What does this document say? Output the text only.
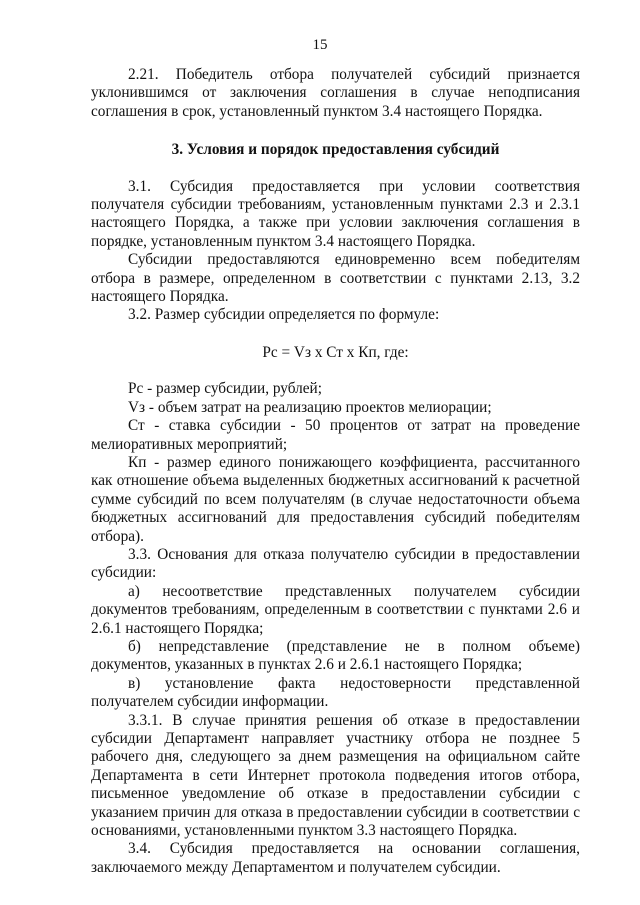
15

2.21. Победитель отбора получателей субсидий признается уклонившимся от заключения соглашения в случае неподписания соглашения в срок, установленный пунктом 3.4 настоящего Порядка.

3. Условия и порядок предоставления субсидий

3.1. Субсидия предоставляется при условии соответствия получателя субсидии требованиям, установленным пунктами 2.3 и 2.3.1 настоящего Порядка, а также при условии заключения соглашения в порядке, установленным пунктом 3.4 настоящего Порядка.

Субсидии предоставляются единовременно всем победителям отбора в размере, определенном в соответствии с пунктами 2.13, 3.2 настоящего Порядка.

3.2. Размер субсидии определяется по формуле:

Рс = Vз х Ст х Кп, где:

Рс - размер субсидии, рублей;

Vз - объем затрат на реализацию проектов мелиорации;

Ст - ставка субсидии - 50 процентов от затрат на проведение мелиоративных мероприятий;

Кп - размер единого понижающего коэффициента, рассчитанного как отношение объема выделенных бюджетных ассигнований к расчетной сумме субсидий по всем получателям (в случае недостаточности объема бюджетных ассигнований для предоставления субсидий победителям отбора).

3.3. Основания для отказа получателю субсидии в предоставлении субсидии:

а) несоответствие представленных получателем субсидии документов требованиям, определенным в соответствии с пунктами 2.6 и 2.6.1 настоящего Порядка;

б) непредставление (представление не в полном объеме) документов, указанных в пунктах 2.6 и 2.6.1 настоящего Порядка;

в) установление факта недостоверности представленной получателем субсидии информации.

3.3.1. В случае принятия решения об отказе в предоставлении субсидии Департамент направляет участнику отбора не позднее 5 рабочего дня, следующего за днем размещения на официальном сайте Департамента в сети Интернет протокола подведения итогов отбора, письменное уведомление об отказе в предоставлении субсидии с указанием причин для отказа в предоставлении субсидии в соответствии с основаниями, установленными пунктом 3.3 настоящего Порядка.

3.4. Субсидия предоставляется на основании соглашения, заключаемого между Департаментом и получателем субсидии.
